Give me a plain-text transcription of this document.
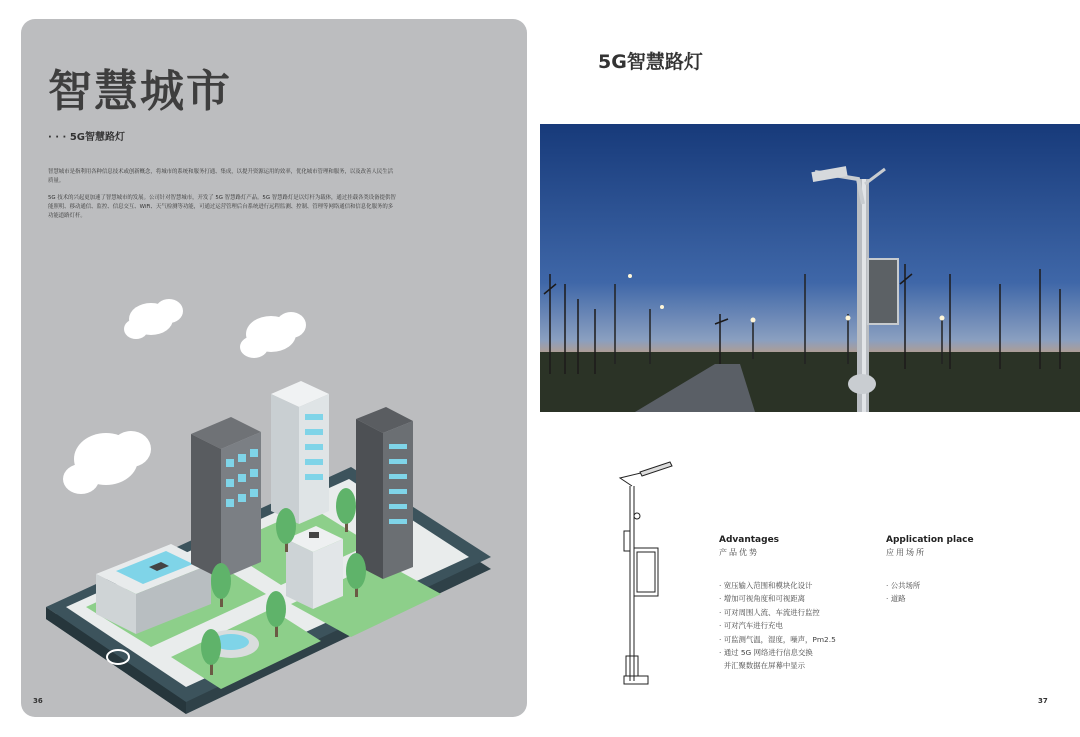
智慧城市
· · · 5G智慧路灯

智慧城市是指利用各种信息技术或创新概念，将城市的系统和服务打通、集成，以提升资源运用的效率，优化城市管理和服务，以及改善人民生活质量。

5G 技术的兴起更加速了智慧城市的发展。公司针对智慧城市，开发了 5G 智慧路灯产品。5G 智慧路灯是以灯杆为载体，通过挂载各类设备提供智能照明、移动通信、监控、信息交互、WiFi、天气检测等功能，可通过运营管理后台系统进行远程监测、控制、管理等网络通信和信息化服务的多功能道路灯杆。

36
5G智慧路灯

Advantages

产品优势

· 宽压输入范围和模块化设计
· 增加可视角度和可视距离
· 可对周围人流、车流进行监控
· 可对汽车进行充电
· 可监测气温，湿度，噪声，Pm2.5
· 通过 5G 网络进行信息交换
并汇聚数据在屏幕中显示

Application place

应用场所

· 公共场所
· 道路
37
